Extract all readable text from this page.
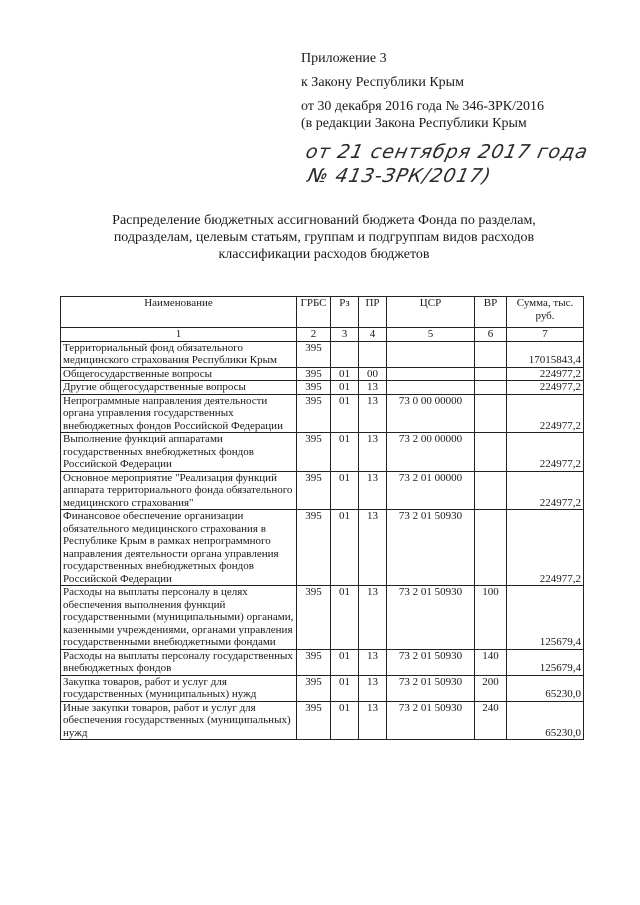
Приложение 3
к Закону Республики Крым
от 30 декабря 2016 года № 346-ЗРК/2016
(в редакции Закона Республики Крым
от 21 сентября 2017 года
№ 413-ЗРК/2017)
Распределение бюджетных ассигнований бюджета Фонда по разделам,
подразделам, целевым статьям, группам и подгруппам видов расходов
классификации расходов бюджетов
Наименование	ГРБС	Рз	ПР	ЦСР	ВР	Сумма, тыс. руб.
1	2	3	4	5	6	7
Территориальный фонд обязательного медицинского страхования Республики Крым	395					17015843,4
Общегосударственные вопросы	395	01	00			224977,2
Другие общегосударственные вопросы	395	01	13			224977,2
Непрограммные направления деятельности органа управления государственных внебюджетных фондов Российской Федерации	395	01	13	73 0 00 00000		224977,2
Выполнение функций аппаратами государственных внебюджетных фондов Российской Федерации	395	01	13	73 2 00 00000		224977,2
Основное мероприятие "Реализация функций аппарата территориального фонда обязательного медицинского страхования"	395	01	13	73 2 01 00000		224977,2
Финансовое обеспечение организации обязательного медицинского страхования в Республике Крым в рамках непрограммного направления деятельности органа управления государственных внебюджетных фондов Российской Федерации	395	01	13	73 2 01 50930		224977,2
Расходы на выплаты персоналу в целях обеспечения выполнения функций государственными (муниципальными) органами, казенными учреждениями, органами управления государственными внебюджетными фондами	395	01	13	73 2 01 50930	100	125679,4
Расходы на выплаты персоналу государственных внебюджетных фондов	395	01	13	73 2 01 50930	140	125679,4
Закупка товаров, работ и услуг для государственных (муниципальных) нужд	395	01	13	73 2 01 50930	200	65230,0
Иные закупки товаров, работ и услуг для обеспечения государственных (муниципальных) нужд	395	01	13	73 2 01 50930	240	65230,0
